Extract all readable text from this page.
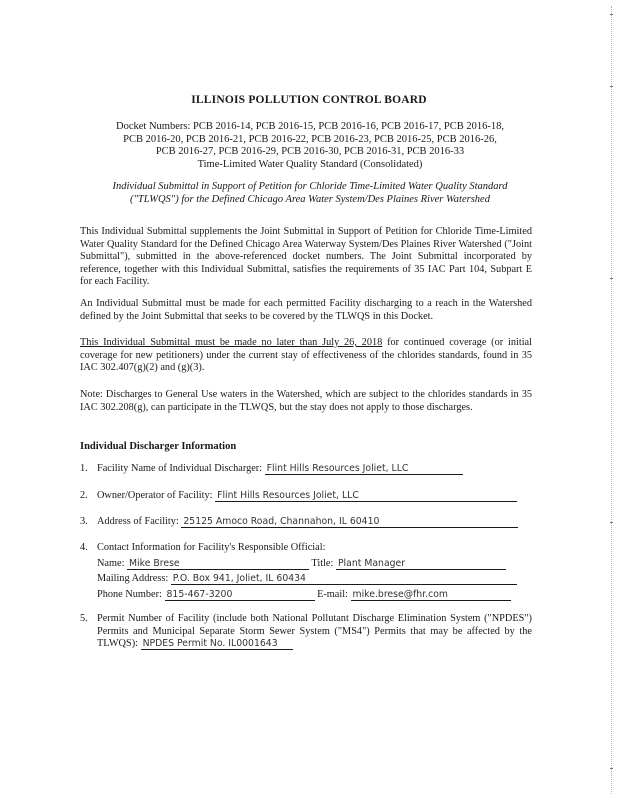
ILLINOIS POLLUTION CONTROL BOARD
Docket Numbers: PCB 2016-14, PCB 2016-15, PCB 2016-16, PCB 2016-17, PCB 2016-18,
PCB 2016-20, PCB 2016-21, PCB 2016-22, PCB 2016-23, PCB 2016-25, PCB 2016-26,
PCB 2016-27, PCB 2016-29, PCB 2016-30, PCB 2016-31, PCB 2016-33
Time-Limited Water Quality Standard (Consolidated)
Individual Submittal in Support of Petition for Chloride Time-Limited Water Quality Standard
("TLWQS") for the Defined Chicago Area Water System/Des Plaines River Watershed
This Individual Submittal supplements the Joint Submittal in Support of Petition for Chloride Time-Limited Water Quality Standard for the Defined Chicago Area Waterway System/Des Plaines River Watershed ("Joint Submittal"), submitted in the above-referenced docket numbers. The Joint Submittal incorporated by reference, together with this Individual Submittal, satisfies the requirements of 35 IAC Part 104, Subpart E for each Facility.
An Individual Submittal must be made for each permitted Facility discharging to a reach in the Watershed defined by the Joint Submittal that seeks to be covered by the TLWQS in this Docket.
This Individual Submittal must be made no later than July 26, 2018 for continued coverage (or initial coverage for new petitioners) under the current stay of effectiveness of the chlorides standards, found in 35 IAC 302.407(g)(2) and (g)(3).
Note: Discharges to General Use waters in the Watershed, which are subject to the chlorides standards in 35 IAC 302.208(g), can participate in the TLWQS, but the stay does not apply to those discharges.
Individual Discharger Information
1. Facility Name of Individual Discharger: Flint Hills Resources Joliet, LLC
2. Owner/Operator of Facility: Flint Hills Resources Joliet, LLC
3. Address of Facility: 25125 Amoco Road, Channahon, IL 60410
4. Contact Information for Facility's Responsible Official:
Name: Mike Brese	Title: Plant Manager
Mailing Address: P.O. Box 941, Joliet, IL 60434
Phone Number: 815-467-3200	E-mail: mike.brese@fhr.com
5. Permit Number of Facility (include both National Pollutant Discharge Elimination System ("NPDES") Permits and Municipal Separate Storm Sewer System ("MS4") Permits that may be affected by the TLWQS): NPDES Permit No. IL0001643
